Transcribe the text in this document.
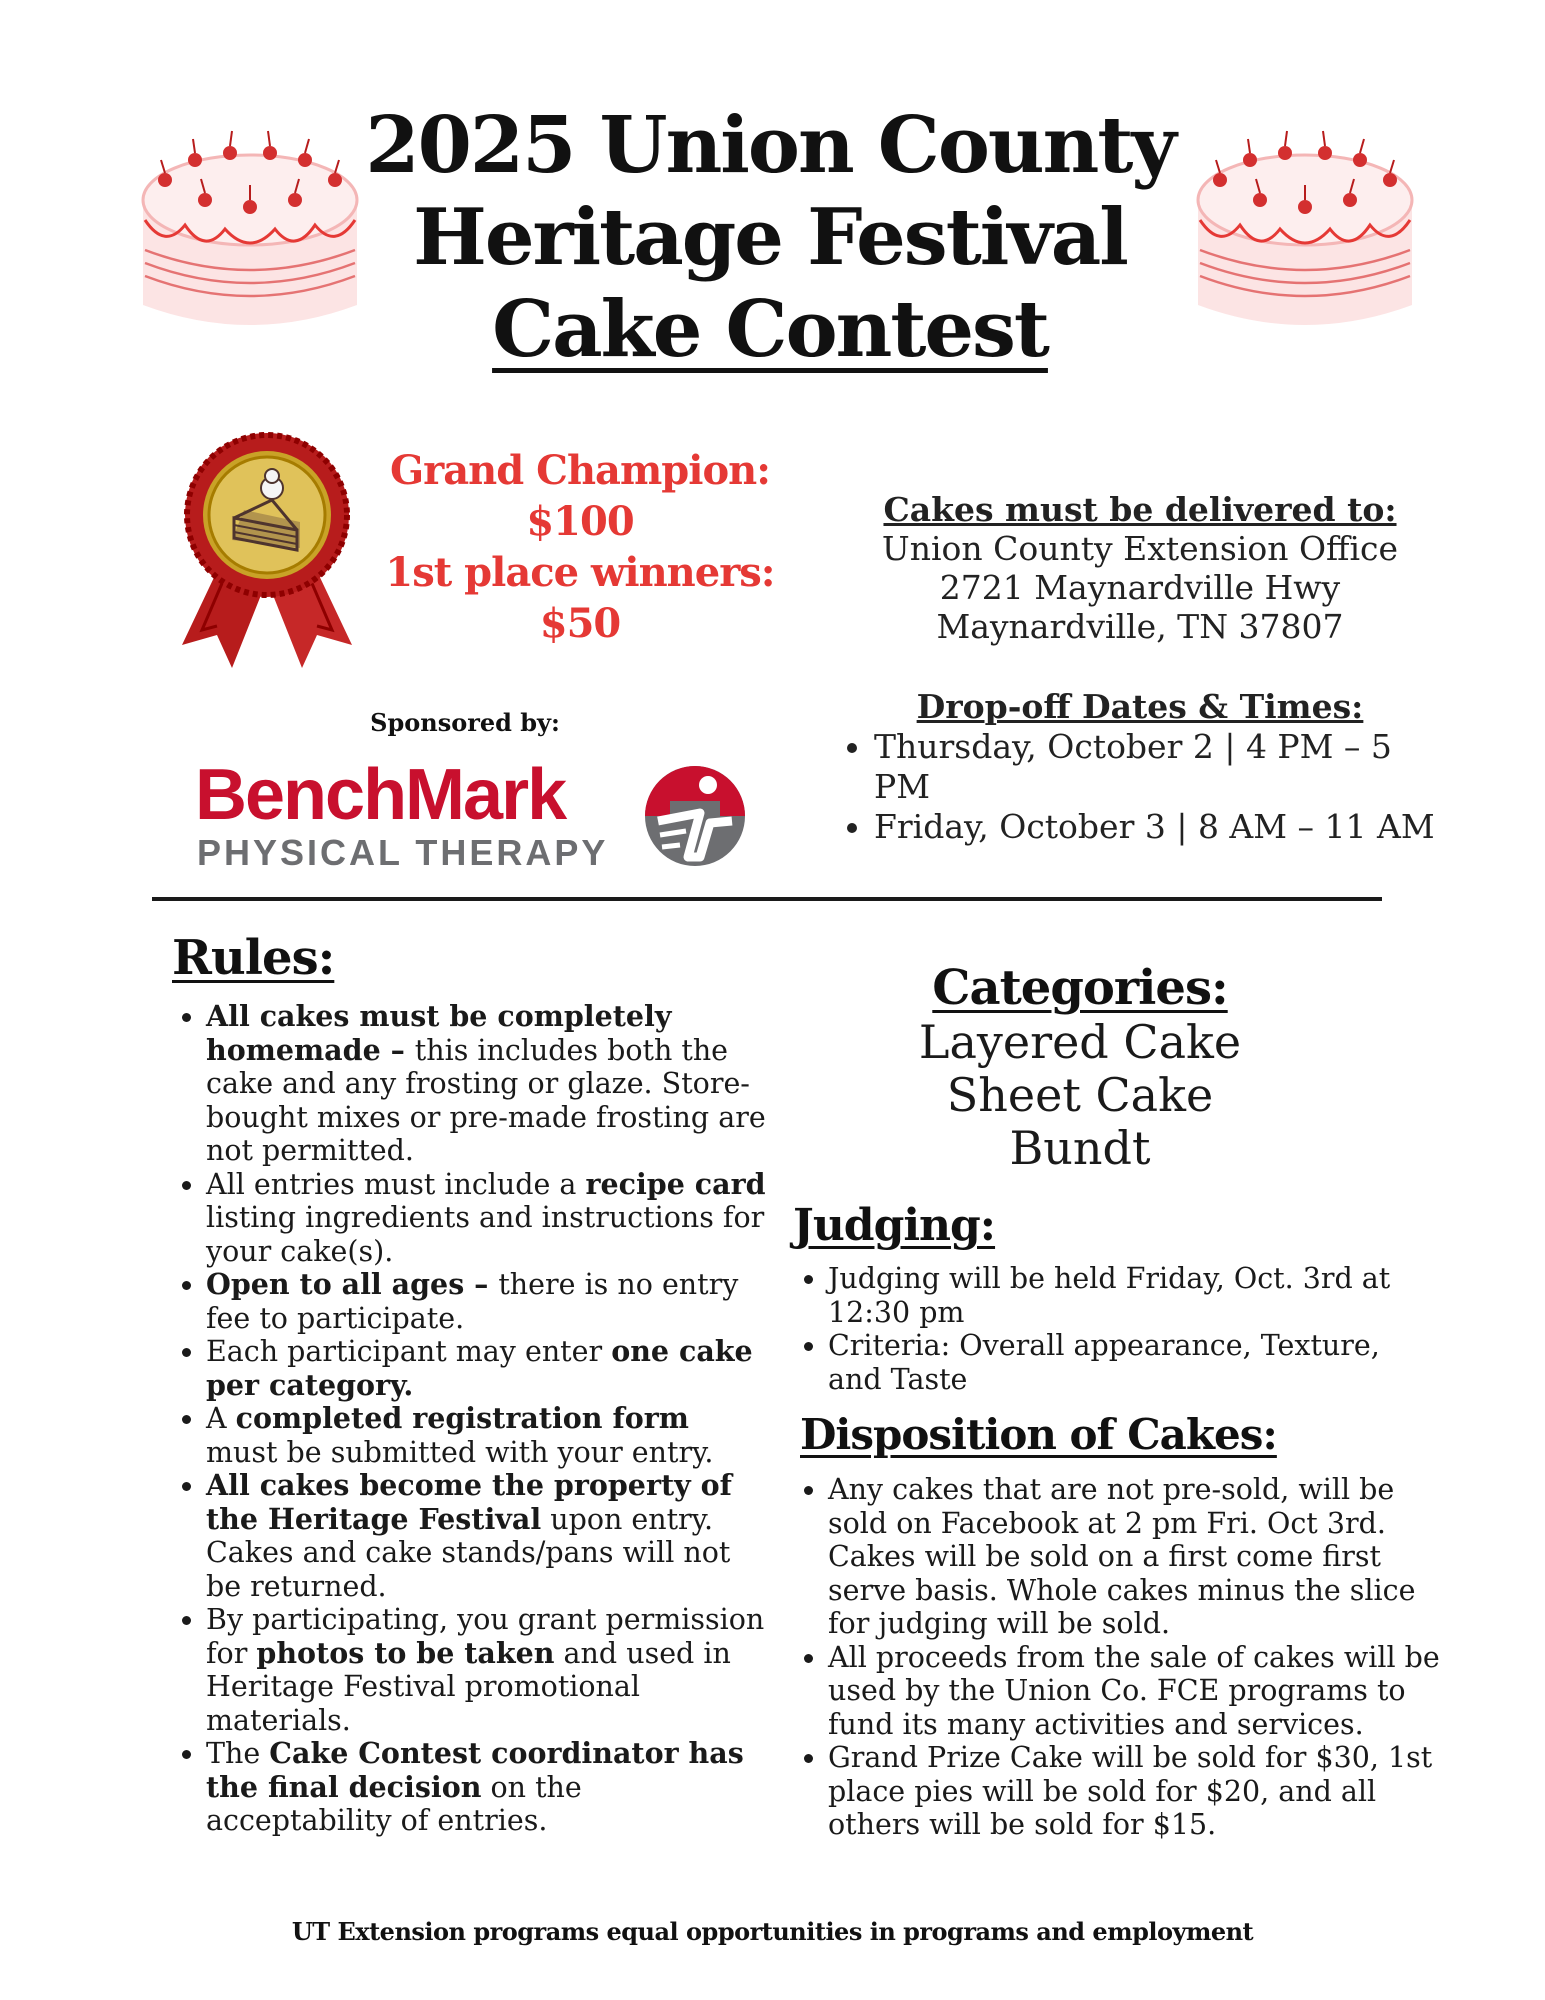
2025 Union County
Heritage Festival
Cake Contest
Grand Champion:
$100
1st place winners:
$50
Cakes must be delivered to:
Union County Extension Office
2721 Maynardville Hwy
Maynardville, TN 37807
Drop-off Dates & Times:
• Thursday, October 2 | 4 PM – 5 PM
• Friday, October 3 | 8 AM – 11 AM
Sponsored by:
BenchMark
PHYSICAL THERAPY
Rules:
• All cakes must be completely homemade – this includes both the cake and any frosting or glaze. Store-bought mixes or pre-made frosting are not permitted.
• All entries must include a recipe card listing ingredients and instructions for your cake(s).
• Open to all ages – there is no entry fee to participate.
• Each participant may enter one cake per category.
• A completed registration form must be submitted with your entry.
• All cakes become the property of the Heritage Festival upon entry. Cakes and cake stands/pans will not be returned.
• By participating, you grant permission for photos to be taken and used in Heritage Festival promotional materials.
• The Cake Contest coordinator has the final decision on the acceptability of entries.
Categories:
Layered Cake
Sheet Cake
Bundt
Judging:
• Judging will be held Friday, Oct. 3rd at 12:30 pm
• Criteria: Overall appearance, Texture, and Taste
Disposition of Cakes:
• Any cakes that are not pre-sold, will be sold on Facebook at 2 pm Fri. Oct 3rd. Cakes will be sold on a first come first serve basis. Whole cakes minus the slice for judging will be sold.
• All proceeds from the sale of cakes will be used by the Union Co. FCE programs to fund its many activities and services.
• Grand Prize Cake will be sold for $30, 1st place pies will be sold for $20, and all others will be sold for $15.
UT Extension programs equal opportunities in programs and employment
